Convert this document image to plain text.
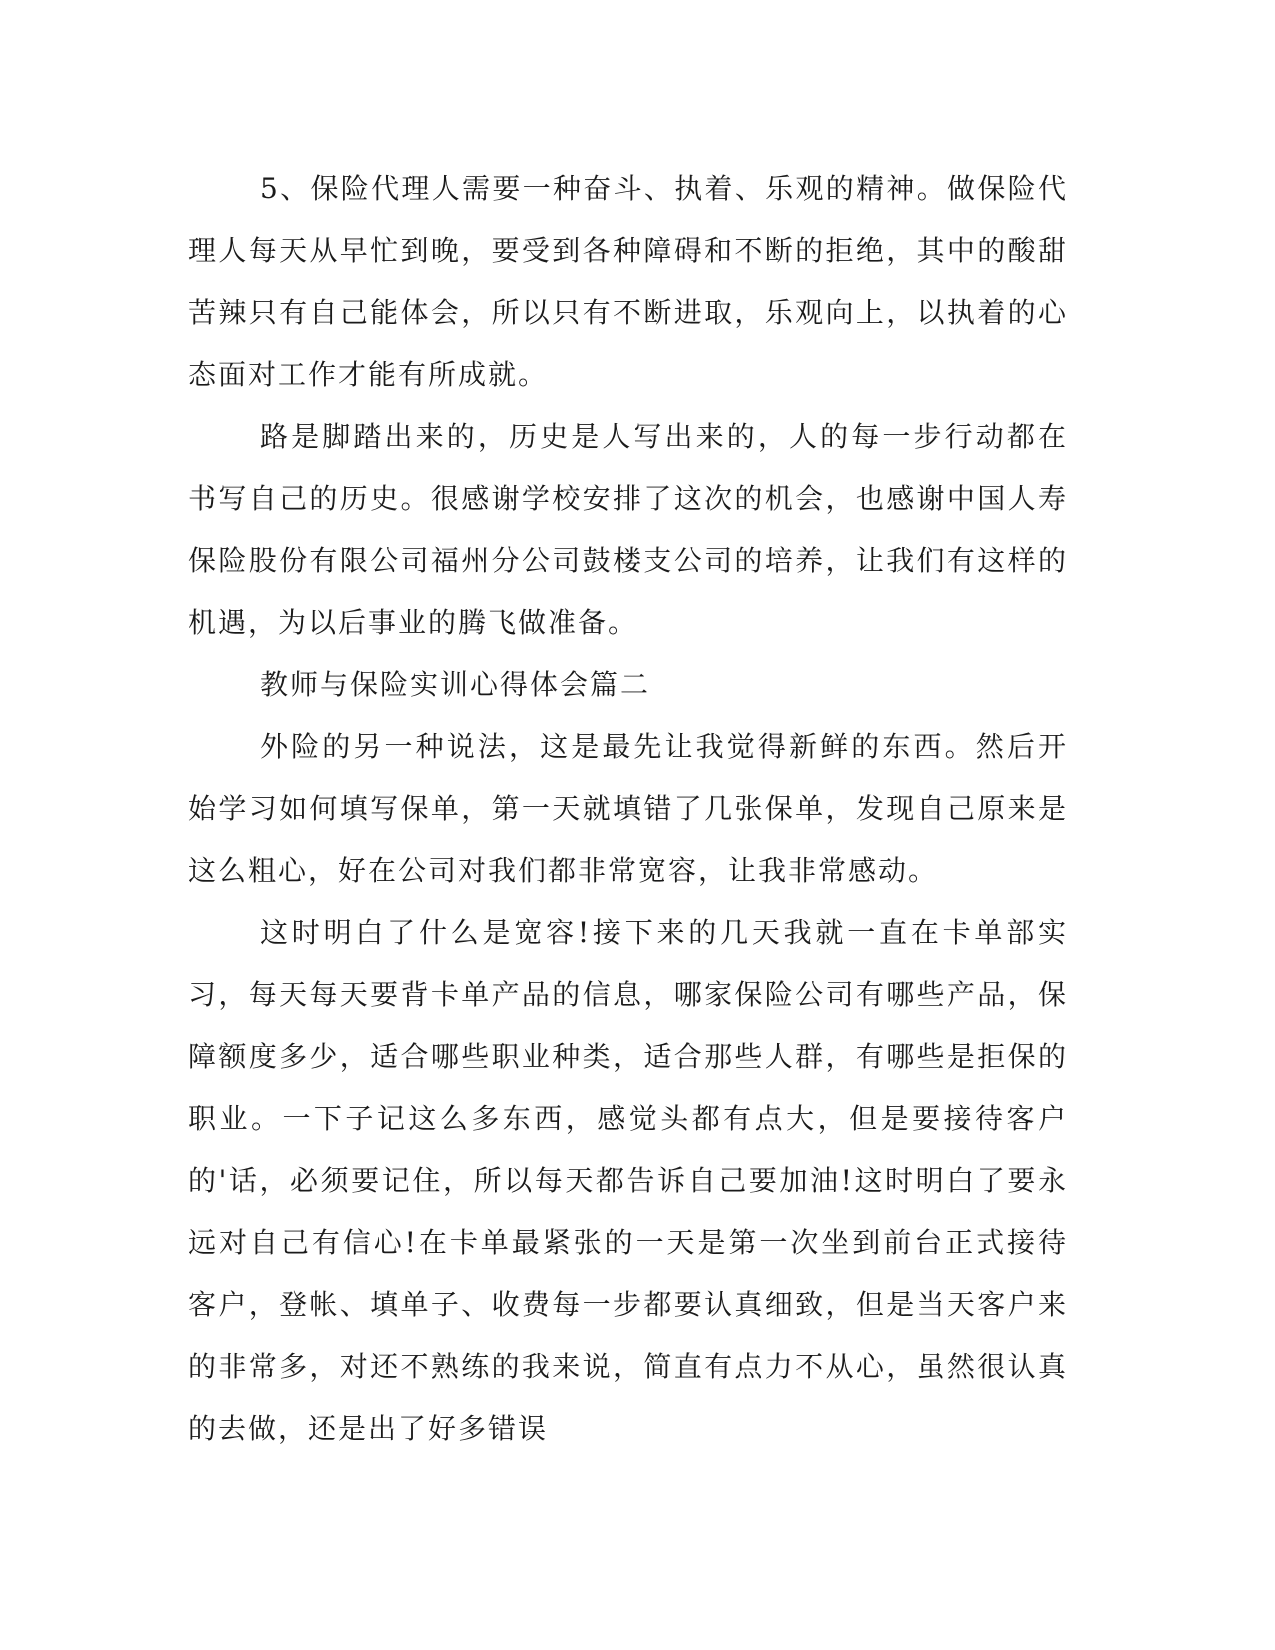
5、保险代理人需要一种奋斗、执着、乐观的精神。做保险代理人每天从早忙到晚，要受到各种障碍和不断的拒绝，其中的酸甜苦辣只有自己能体会，所以只有不断进取，乐观向上，以执着的心态面对工作才能有所成就。

路是脚踏出来的，历史是人写出来的，人的每一步行动都在书写自己的历史。很感谢学校安排了这次的机会，也感谢中国人寿保险股份有限公司福州分公司鼓楼支公司的培养，让我们有这样的机遇，为以后事业的腾飞做准备。

教师与保险实训心得体会篇二

外险的另一种说法，这是最先让我觉得新鲜的东西。然后开始学习如何填写保单，第一天就填错了几张保单，发现自己原来是这么粗心，好在公司对我们都非常宽容，让我非常感动。

这时明白了什么是宽容!接下来的几天我就一直在卡单部实习，每天每天要背卡单产品的信息，哪家保险公司有哪些产品，保障额度多少，适合哪些职业种类，适合那些人群，有哪些是拒保的职业。一下子记这么多东西，感觉头都有点大，但是要接待客户的'话，必须要记住，所以每天都告诉自己要加油!这时明白了要永远对自己有信心!在卡单最紧张的一天是第一次坐到前台正式接待客户，登帐、填单子、收费每一步都要认真细致，但是当天客户来的非常多，对还不熟练的我来说，简直有点力不从心，虽然很认真的去做，还是出了好多错误
